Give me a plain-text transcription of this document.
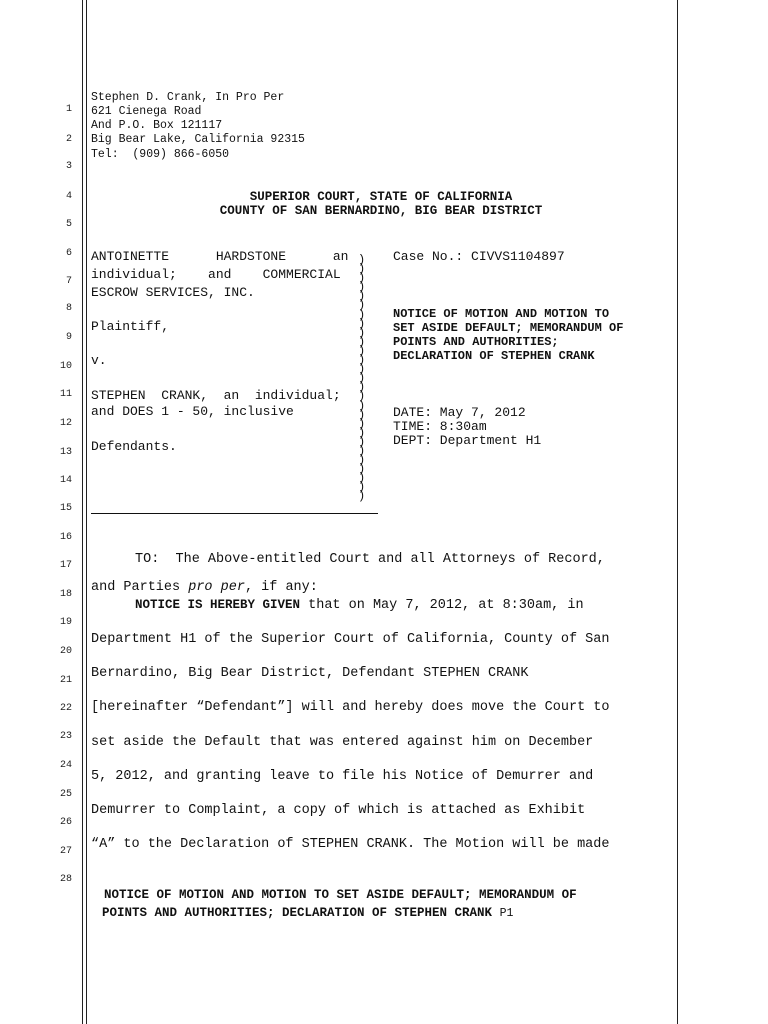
1
2
3
4
5
6
7
8
9
10
11
12
13
14
15
16
17
18
19
20
21
22
23
24
25
26
27
28
Stephen D. Crank, In Pro Per
621 Cienega Road
And P.O. Box 121117
Big Bear Lake, California 92315
Tel:  (909) 866-6050
SUPERIOR COURT, STATE OF CALIFORNIA
COUNTY OF SAN BERNARDINO, BIG BEAR DISTRICT
ANTOINETTE      HARDSTONE      an
individual;    and    COMMERCIAL
ESCROW SERVICES, INC.
Plaintiff,
v.
STEPHEN  CRANK,  an  individual;
and DOES 1 - 50, inclusive
Defendants.
)
)
)
)
)
)
)
)
)
)
)
)
)
)
)
)
)
)
)
)
)
)
)
)
)
)
)
Case No.: CIVVS1104897
NOTICE OF MOTION AND MOTION TO
SET ASIDE DEFAULT; MEMORANDUM OF
POINTS AND AUTHORITIES;
DECLARATION OF STEPHEN CRANK
DATE: May 7, 2012
TIME: 8:30am
DEPT: Department H1
TO:  The Above-entitled Court and all Attorneys of Record,
and Parties pro per, if any:
NOTICE IS HEREBY GIVEN that on May 7, 2012, at 8:30am, in
Department H1 of the Superior Court of California, County of San
Bernardino, Big Bear District, Defendant STEPHEN CRANK
[hereinafter “Defendant”] will and hereby does move the Court to
set aside the Default that was entered against him on December
5, 2012, and granting leave to file his Notice of Demurrer and
Demurrer to Complaint, a copy of which is attached as Exhibit
“A” to the Declaration of STEPHEN CRANK. The Motion will be made
NOTICE OF MOTION AND MOTION TO SET ASIDE DEFAULT; MEMORANDUM OF
POINTS AND AUTHORITIES; DECLARATION OF STEPHEN CRANK P1
